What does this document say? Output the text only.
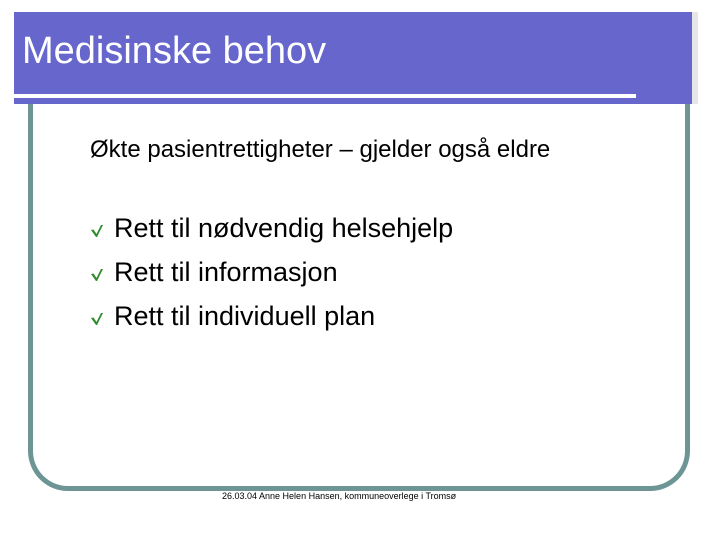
Medisinske behov

Økte pasientrettigheter – gjelder også eldre

Rett til nødvendig helsehjelp
Rett til informasjon
Rett til individuell plan

26.03.04 Anne Helen Hansen, kommuneoverlege i Tromsø
